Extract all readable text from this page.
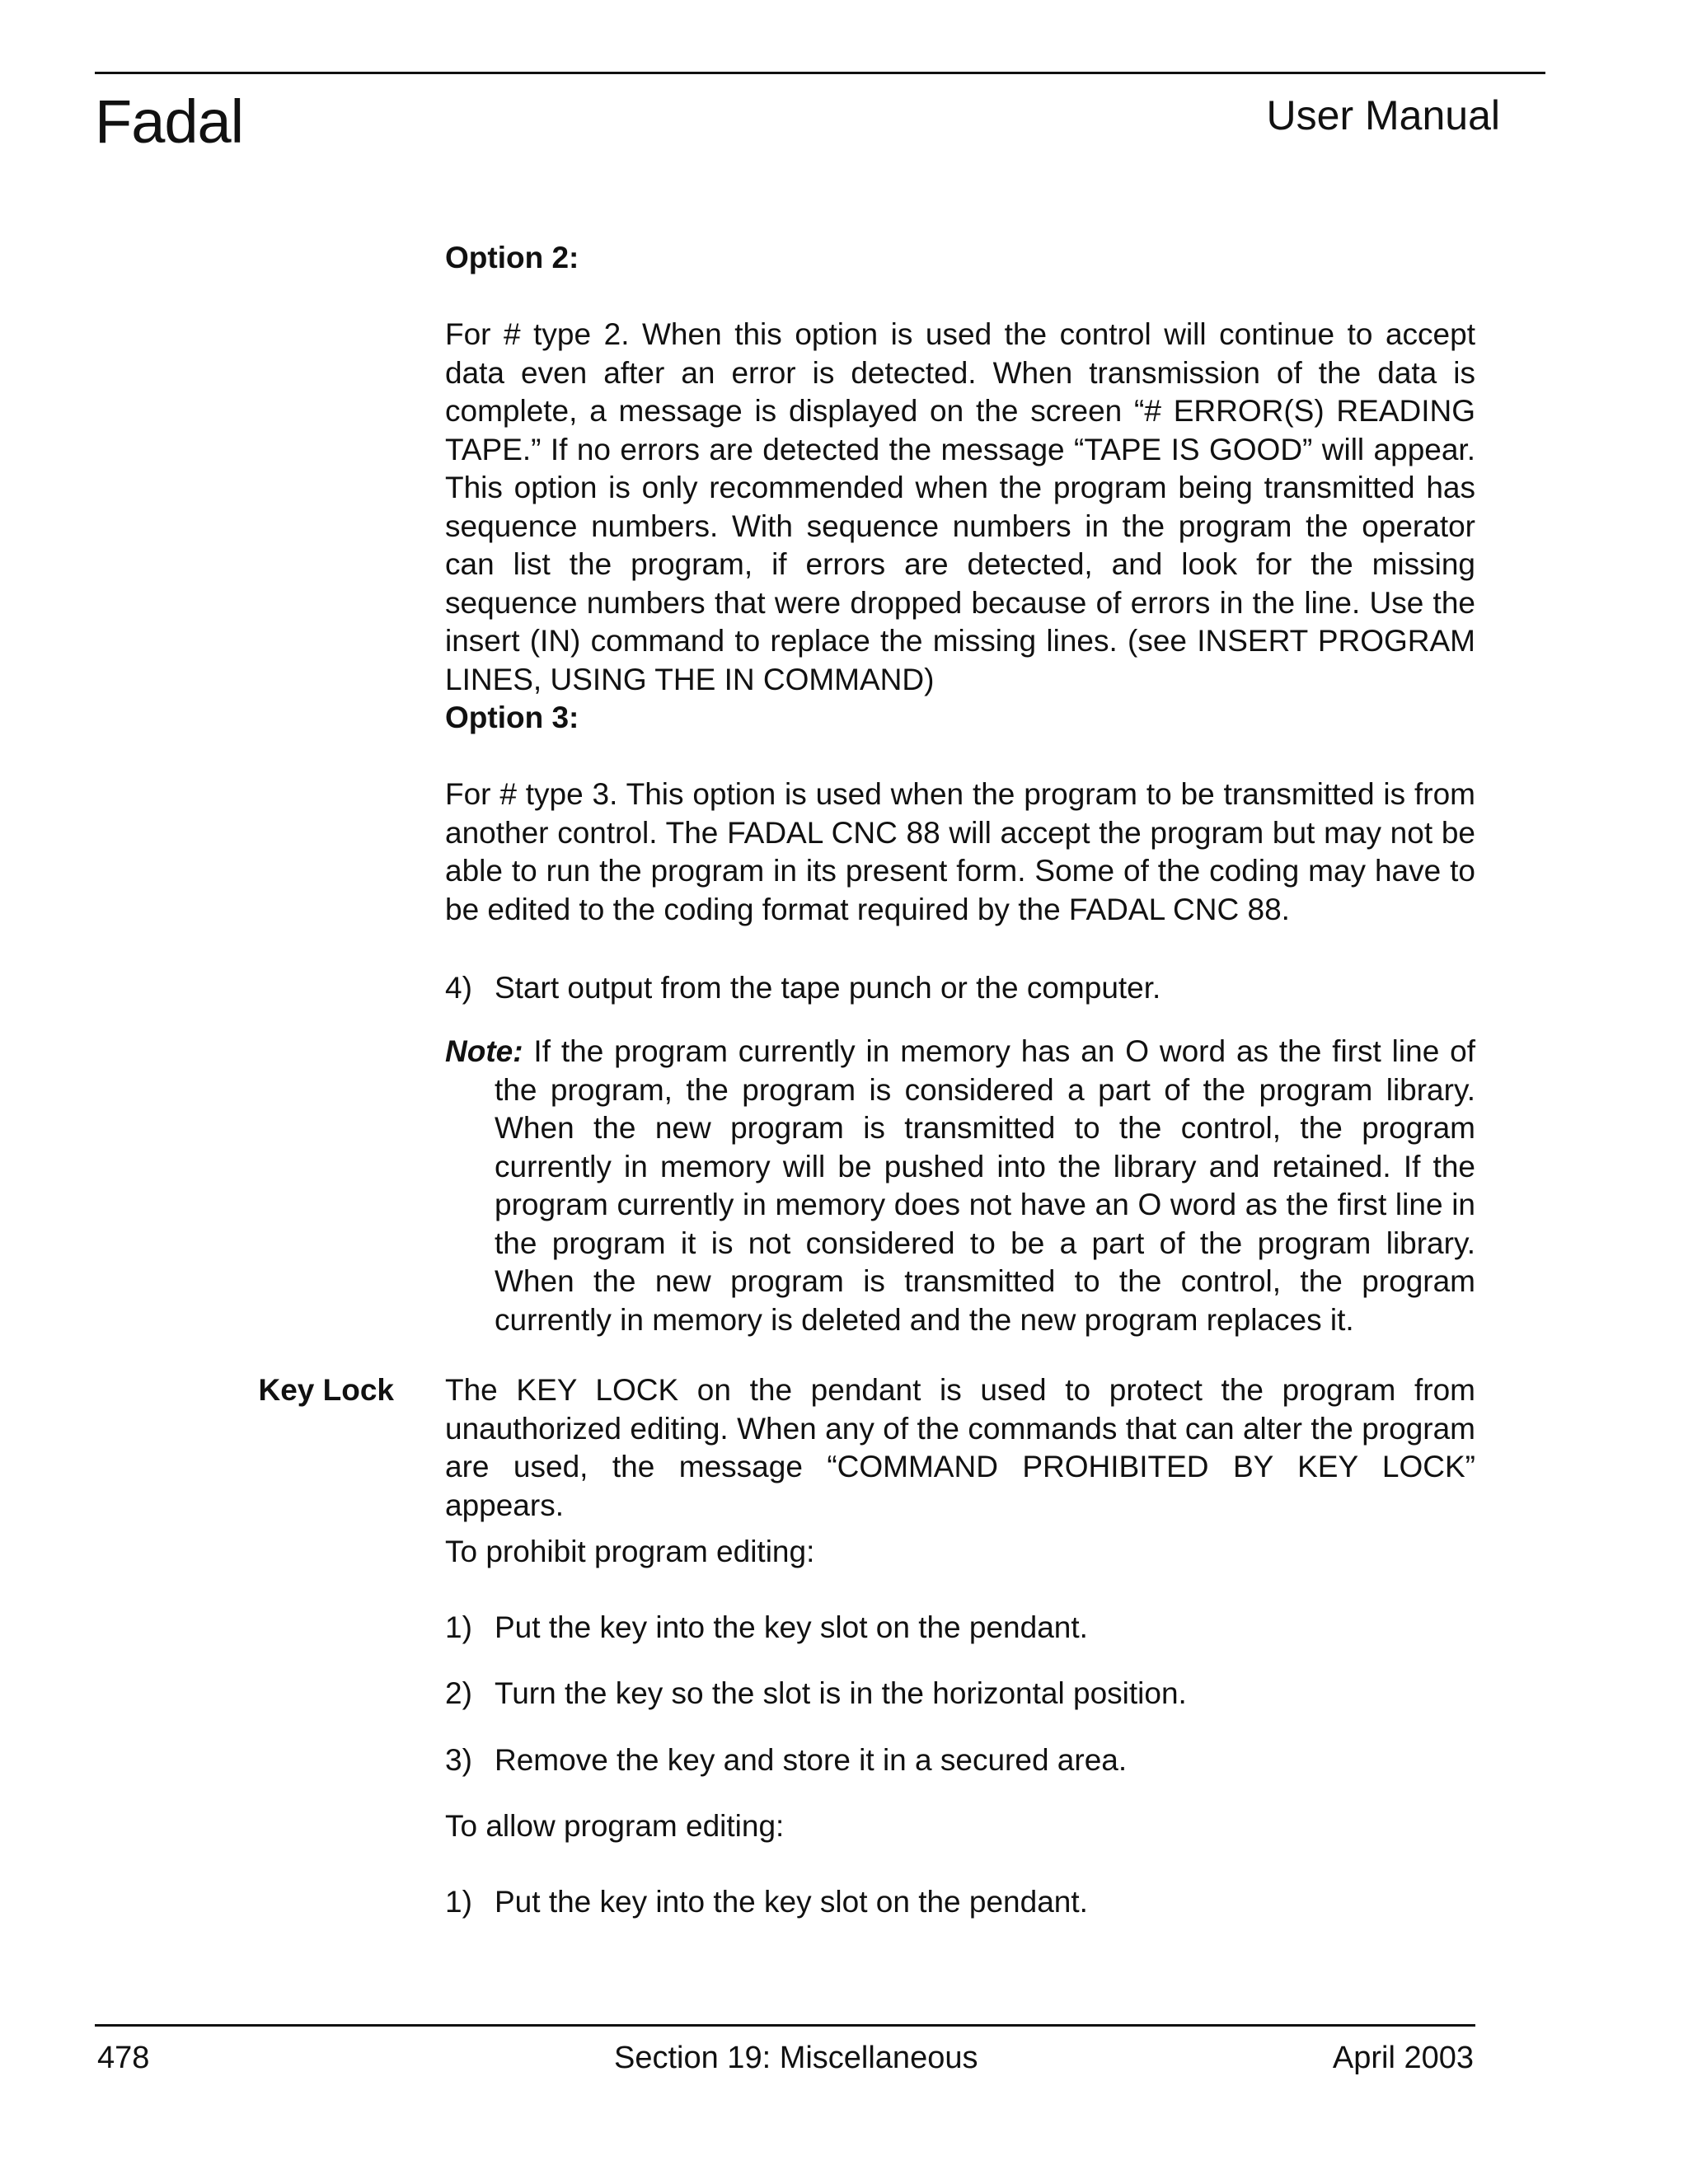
Fadal	User Manual
Option 2:

For # type 2. When this option is used the control will continue to accept data even after an error is detected. When transmission of the data is complete, a message is displayed on the screen “# ERROR(S) READING TAPE.” If no errors are detected the message “TAPE IS GOOD” will appear. This option is only recommended when the program being transmitted has sequence numbers. With sequence numbers in the program the operator can list the program, if errors are detected, and look for the missing sequence numbers that were dropped because of errors in the line. Use the insert (IN) command to replace the missing lines. (see INSERT PROGRAM LINES, USING THE IN COMMAND)

Option 3:

For # type 3. This option is used when the program to be transmitted is from another control. The FADAL CNC 88 will accept the program but may not be able to run the program in its present form. Some of the coding may have to be edited to the coding format required by the FADAL CNC 88.

4) Start output from the tape punch or the computer.

Note: If the program currently in memory has an O word as the first line of the program, the program is considered a part of the program library. When the new program is transmitted to the control, the program currently in memory will be pushed into the library and retained. If the program currently in memory does not have an O word as the first line in the program it is not considered to be a part of the program library. When the new program is transmitted to the control, the program currently in memory is deleted and the new program replaces it.

Key Lock The KEY LOCK on the pendant is used to protect the program from unauthorized editing. When any of the commands that can alter the program are used, the message “COMMAND PROHIBITED BY KEY LOCK” appears.

To prohibit program editing:
1) Put the key into the key slot on the pendant.
2) Turn the key so the slot is in the horizontal position.
3) Remove the key and store it in a secured area.
To allow program editing:
1) Put the key into the key slot on the pendant.
478	Section 19: Miscellaneous	April 2003
